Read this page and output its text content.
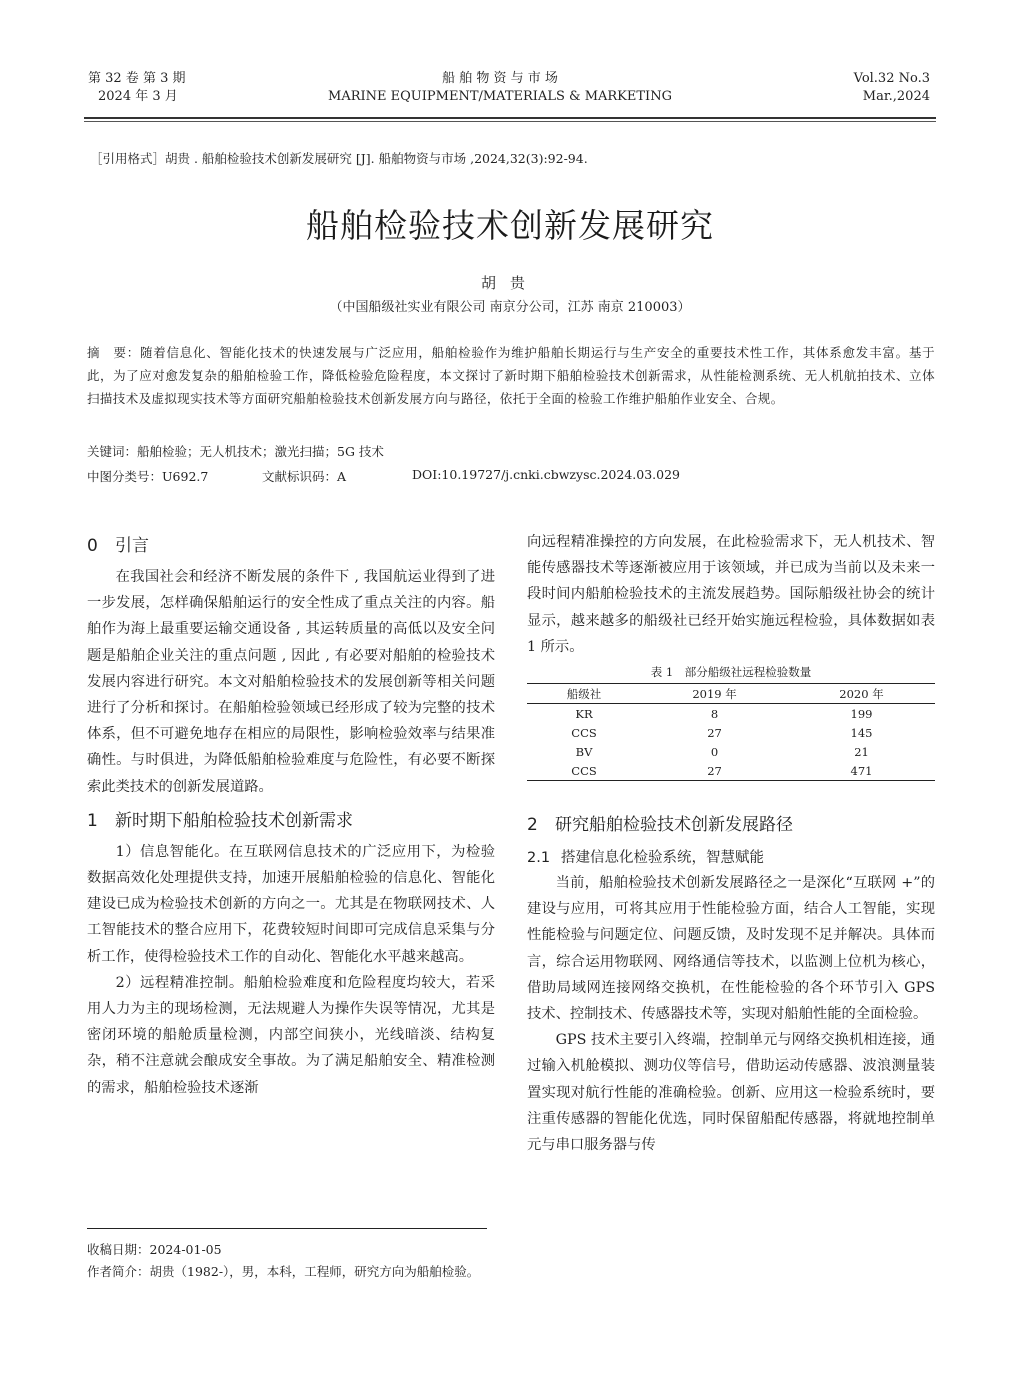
第 32 卷 第 3 期
2024 年 3 月
船 舶 物 资 与 市 场
MARINE EQUIPMENT/MATERIALS & MARKETING
Vol.32 No.3
Mar.,2024
［引用格式］胡贵 . 船舶检验技术创新发展研究 [J]. 船舶物资与市场 ,2024,32(3):92-94.
船舶检验技术创新发展研究
胡贵
（中国船级社实业有限公司 南京分公司，江苏 南京 210003）
摘　要：随着信息化、智能化技术的快速发展与广泛应用，船舶检验作为维护船舶长期运行与生产安全的重要技术性工作，其体系愈发丰富。基于此，为了应对愈发复杂的船舶检验工作，降低检验危险程度，本文探讨了新时期下船舶检验技术创新需求，从性能检测系统、无人机航拍技术、立体扫描技术及虚拟现实技术等方面研究船舶检验技术创新发展方向与路径，依托于全面的检验工作维护船舶作业安全、合规。
关键词：船舶检验；无人机技术；激光扫描；5G 技术
中图分类号：U692.7	文献标识码：A	DOI:10.19727/j.cnki.cbwzysc.2024.03.029
0 引言

在我国社会和经济不断发展的条件下 , 我国航运业得到了进一步发展，怎样确保船舶运行的安全性成了重点关注的内容。船舶作为海上最重要运输交通设备 , 其运转质量的高低以及安全问题是船舶企业关注的重点问题 , 因此 , 有必要对船舶的检验技术发展内容进行研究。本文对船舶检验技术的发展创新等相关问题进行了分析和探讨。在船舶检验领域已经形成了较为完整的技术体系，但不可避免地存在相应的局限性，影响检验效率与结果准确性。与时俱进，为降低船舶检验难度与危险性，有必要不断探索此类技术的创新发展道路。

1 新时期下船舶检验技术创新需求

1）信息智能化。在互联网信息技术的广泛应用下，为检验数据高效化处理提供支持，加速开展船舶检验的信息化、智能化建设已成为检验技术创新的方向之一。尤其是在物联网技术、人工智能技术的整合应用下，花费较短时间即可完成信息采集与分析工作，使得检验技术工作的自动化、智能化水平越来越高。

2）远程精准控制。船舶检验难度和危险程度均较大，若采用人力为主的现场检测，无法规避人为操作失误等情况，尤其是密闭环境的船舱质量检测，内部空间狭小，光线暗淡、结构复杂，稍不注意就会酿成安全事故。为了满足船舶安全、精准检测的需求，船舶检验技术逐渐

向远程精准操控的方向发展，在此检验需求下，无人机技术、智能传感器技术等逐渐被应用于该领域，并已成为当前以及未来一段时间内船舶检验技术的主流发展趋势。国际船级社协会的统计显示，越来越多的船级社已经开始实施远程检验，具体数据如表 1 所示。

表 1　部分船级社远程检验数量
船级社	2019 年	2020 年
KR	8	199
CCS	27	145
BV	0	21
CCS	27	471
2 研究船舶检验技术创新发展路径
2.1 搭建信息化检验系统，智慧赋能

当前，船舶检验技术创新发展路径之一是深化“互联网 +”的建设与应用，可将其应用于性能检验方面，结合人工智能，实现性能检验与问题定位、问题反馈，及时发现不足并解决。具体而言，综合运用物联网、网络通信等技术，以监测上位机为核心，借助局域网连接网络交换机，在性能检验的各个环节引入 GPS 技术、控制技术、传感器技术等，实现对船舶性能的全面检验。

GPS 技术主要引入终端，控制单元与网络交换机相连接，通过输入机舱模拟、测功仪等信号，借助运动传感器、波浪测量装置实现对航行性能的准确检验。创新、应用这一检验系统时，要注重传感器的智能化优选，同时保留船配传感器，将就地控制单元与串口服务器与传

收稿日期：2024-01-05
作者简介：胡贵（1982-），男，本科，工程师，研究方向为船舶检验。
